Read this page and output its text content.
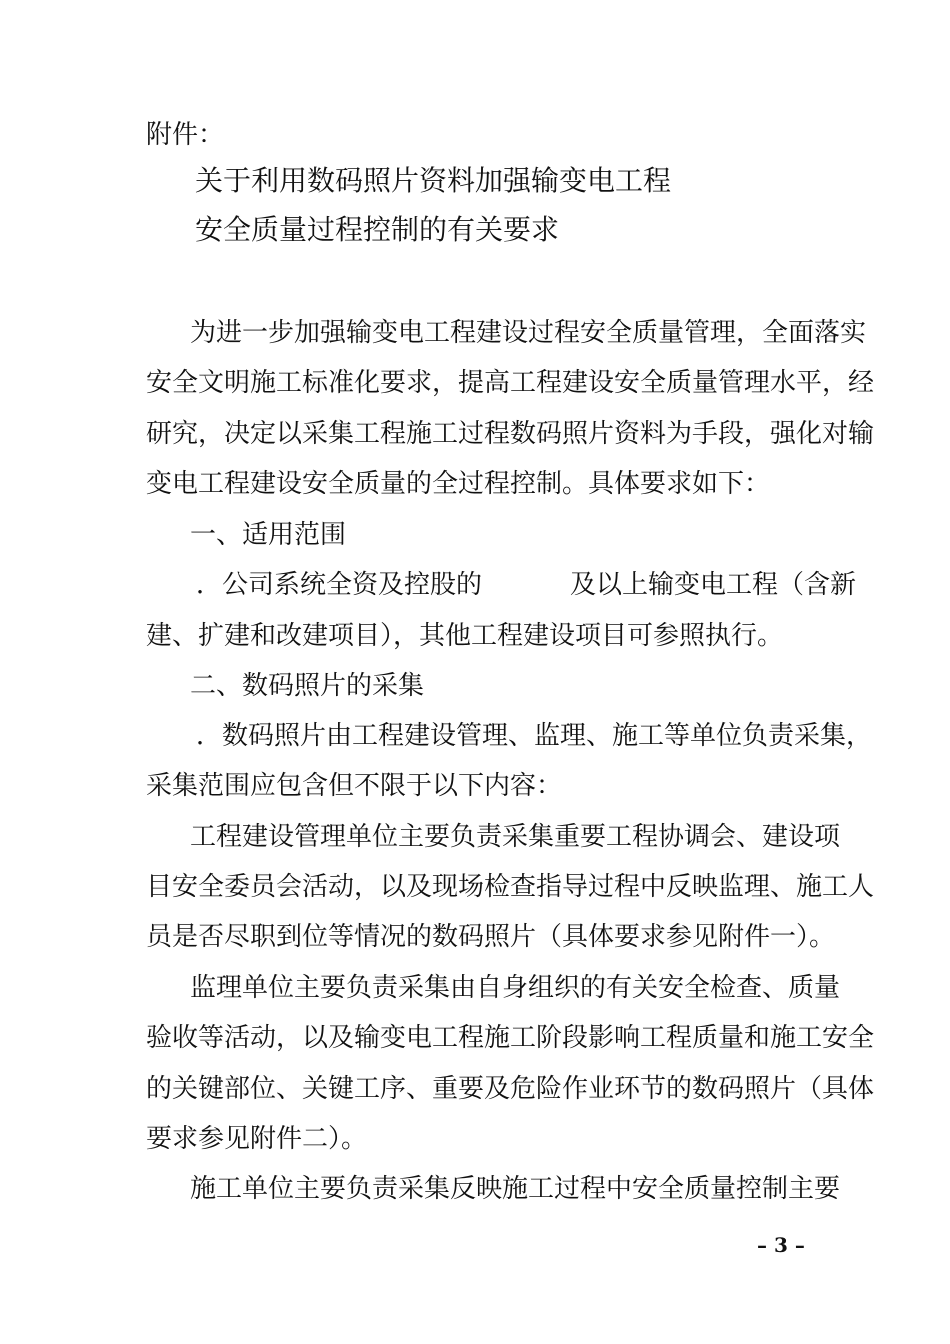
附件：
关于利用数码照片资料加强输变电工程
安全质量过程控制的有关要求
为进一步加强输变电工程建设过程安全质量管理，全面落实
安全文明施工标准化要求，提高工程建设安全质量管理水平，经
研究，决定以采集工程施工过程数码照片资料为手段，强化对输
变电工程建设安全质量的全过程控制。具体要求如下：
一、适用范围
．公司系统全资及控股的	及以上输变电工程（含新
建、扩建和改建项目），其他工程建设项目可参照执行。
二、数码照片的采集
．数码照片由工程建设管理、监理、施工等单位负责采集，
采集范围应包含但不限于以下内容：
工程建设管理单位主要负责采集重要工程协调会、建设项
目安全委员会活动，以及现场检查指导过程中反映监理、施工人
员是否尽职到位等情况的数码照片（具体要求参见附件一）。
监理单位主要负责采集由自身组织的有关安全检查、质量
验收等活动，以及输变电工程施工阶段影响工程质量和施工安全
的关键部位、关键工序、重要及危险作业环节的数码照片（具体
要求参见附件二）。
施工单位主要负责采集反映施工过程中安全质量控制主要
– 3 –
